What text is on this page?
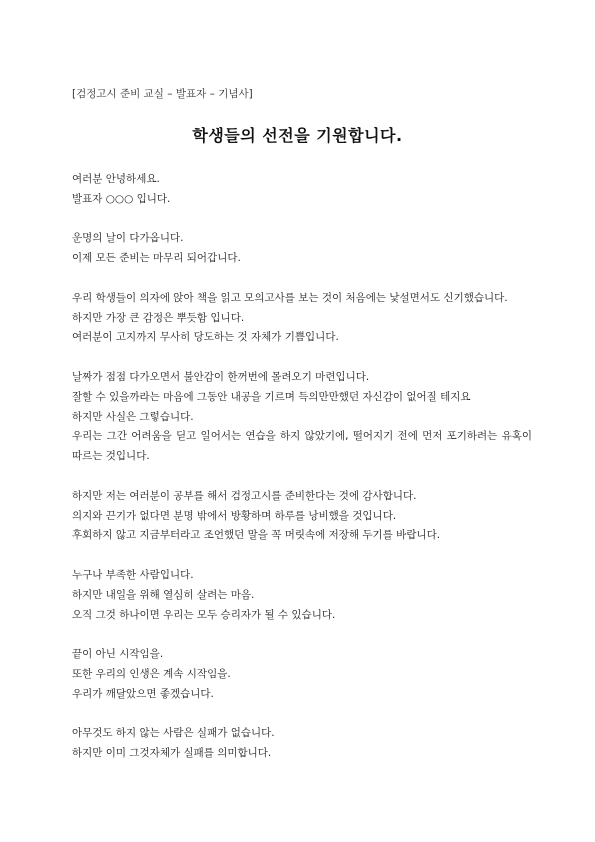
[검정고시 준비 교실 – 발표자 – 기념사]
학생들의 선전을 기원합니다.
여러분 안녕하세요.
발표자 ○○○ 입니다.
운명의 날이 다가옵니다.
이제 모든 준비는 마무리 되어갑니다.
우리 학생들이 의자에 앉아 책을 읽고 모의고사를 보는 것이 처음에는 낯설면서도 신기했습니다.
하지만 가장 큰 감정은 뿌듯함 입니다.
여러분이 고지까지 무사히 당도하는 것 자체가 기쁨입니다.
날짜가 점점 다가오면서 불안감이 한꺼번에 몰려오기 마련입니다.
잘할 수 있을까라는 마음에 그동안 내공을 기르며 득의만만했던 자신감이 없어질 테지요
하지만 사실은 그렇습니다.
우리는 그간 어려움을 딛고 일어서는 연습을 하지 않았기에, 떨어지기 전에 먼저 포기하려는 유혹이 따르는 것입니다.
하지만 저는 여러분이 공부를 해서 검정고시를 준비한다는 것에 감사합니다.
의지와 끈기가 없다면 분명 밖에서 방황하며 하루를 낭비했을 것입니다.
후회하지 않고 지금부터라고 조언했던 말을 꼭 머릿속에 저장해 두기를 바랍니다.
누구나 부족한 사람입니다.
하지만 내일을 위해 열심히 살려는 마음.
오직 그것 하나이면 우리는 모두 승리자가 될 수 있습니다.
끝이 아닌 시작임을.
또한 우리의 인생은 계속 시작임을.
우리가 깨달았으면 좋겠습니다.
아무것도 하지 않는 사람은 실패가 없습니다.
하지만 이미 그것자체가 실패를 의미합니다.
